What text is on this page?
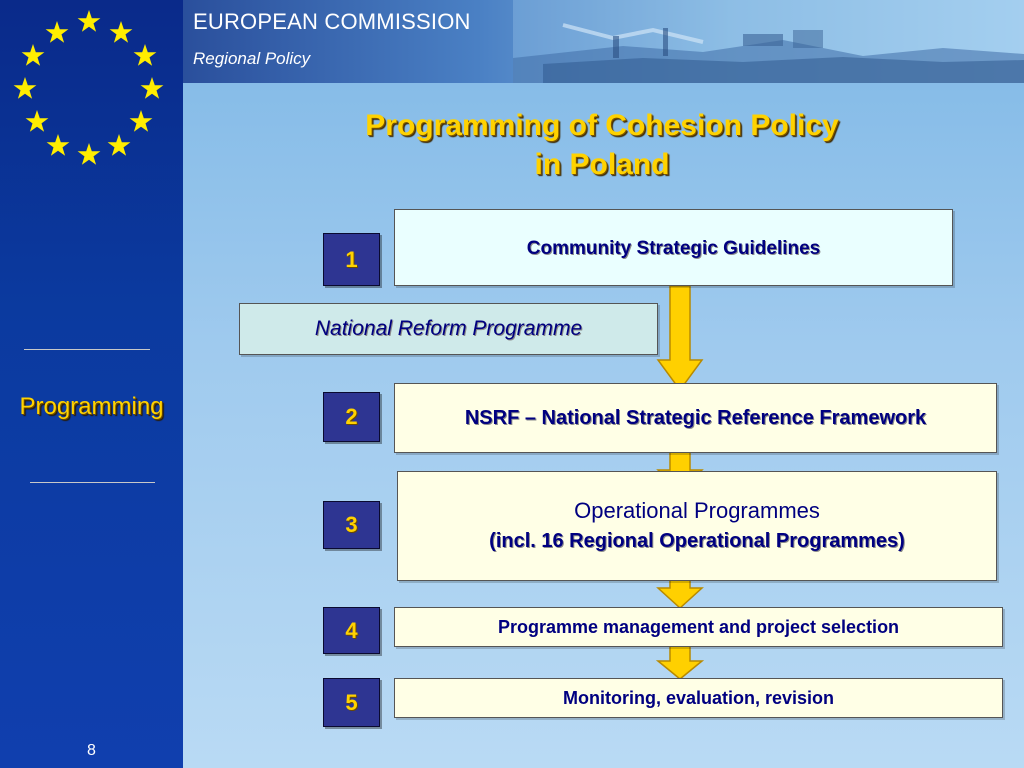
Programming
8
EUROPEAN COMMISSION
Regional Policy
Programming of Cohesion Policy
in Poland
1	Community Strategic Guidelines
National Reform Programme
2	NSRF – National Strategic Reference Framework
3
Operational Programmes
(incl. 16 Regional Operational Programmes)
4	Programme management and project selection
5	Monitoring, evaluation, revision
